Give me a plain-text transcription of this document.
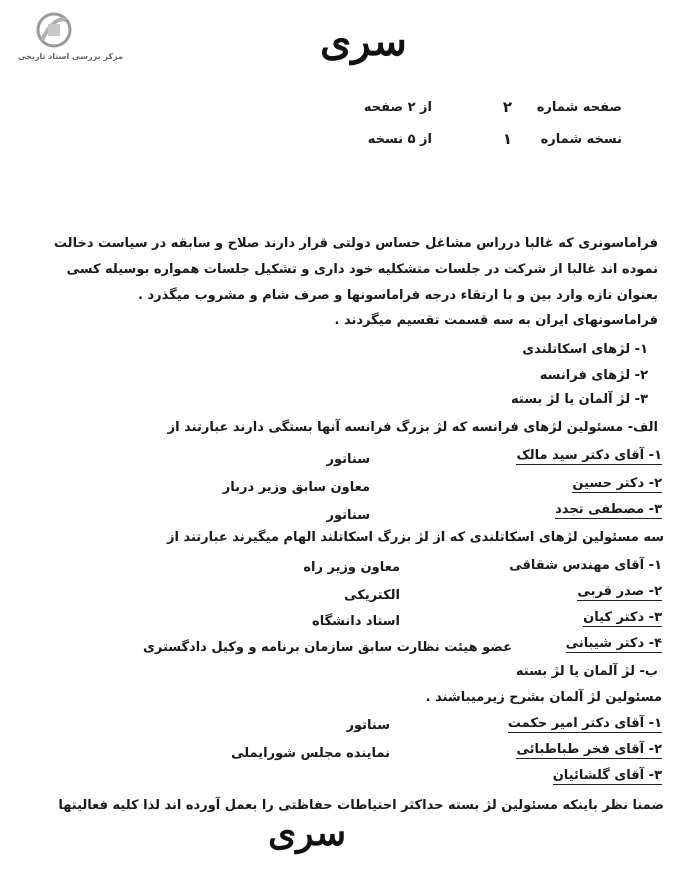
مرکز بررسی اسناد تاریخی	سری
صفحه شماره
۲
از ۲ صفحه
نسخه شماره
۱
از ۵ نسخه
فراماسونری که غالبا درراس مشاغل حساس دولتی قرار دارند صلاح و سابقه در سیاست دخالت
نموده اند غالبا از شرکت در جلسات متشکلیه خود داری و تشکیل جلسات همواره بوسیله کسی
بعنوان تازه وارد بین و با ارتقاء درجه فراماسونها و صرف شام و مشروب میگذرد .
فراماسونهای ایران به سه قسمت تقسیم میگردند .
۱- لژهای اسکاتلندی
۲- لژهای فرانسه
۳- لژ آلمان یا لژ بسته
الف- مسئولین لژهای فرانسه که لژ بزرگ فرانسه آنها بستگی دارند عبارتند از
۱- آقای دکتر سید مالک
سناتور
۲- دکتر حسین
معاون سابق وزیر دربار
۳- مصطفی تجدد
سناتور
سه مسئولین لژهای اسکاتلندی که از لژ بزرگ اسکاتلند الهام میگیرند عبارتند از
۱- آقای مهندس شقاقی
معاون وزیر راه
۲- صدر قربی
الکتریکی
۳- دکتر کیان
استاد دانشگاه
۴- دکتر شیبانی
عضو هیئت نظارت سابق سازمان برنامه و وکیل دادگستری
ب- لژ آلمان یا لژ بسته
مسئولین لژ آلمان بشرح زیرمیباشند .
۱- آقای دکتر امیر حکمت
سناتور
۲- آقای فخر طباطبائی
نماینده مجلس شورایملی
۳- آقای گلشائیان
ضمنا نظر باینکه مسئولین لژ بسته حداکثر احتیاطات حفاظتی را بعمل آورده اند لذا کلیه فعالیتها
سری
